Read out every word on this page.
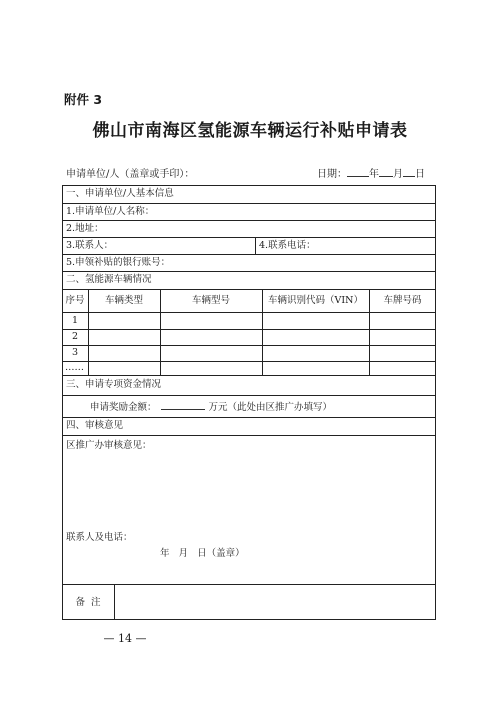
附件 3
佛山市南海区氢能源车辆运行补贴申请表
申请单位/人（盖章或手印）：	日期： 年 月 日
一、申请单位/人基本信息
1.申请单位/人名称：
2.地址：
3.联系人：	4.联系电话：
5.申领补贴的银行账号：
二、氢能源车辆情况
序号	车辆类型	车辆型号	车辆识别代码（VIN）	车牌号码
1
2
3
……
三、申请专项资金情况
申请奖励金额：	万元（此处由区推广办填写）
四、审核意见
区推广办审核意见：
联系人及电话：
年   月   日（盖章）
备  注
— 14 —
